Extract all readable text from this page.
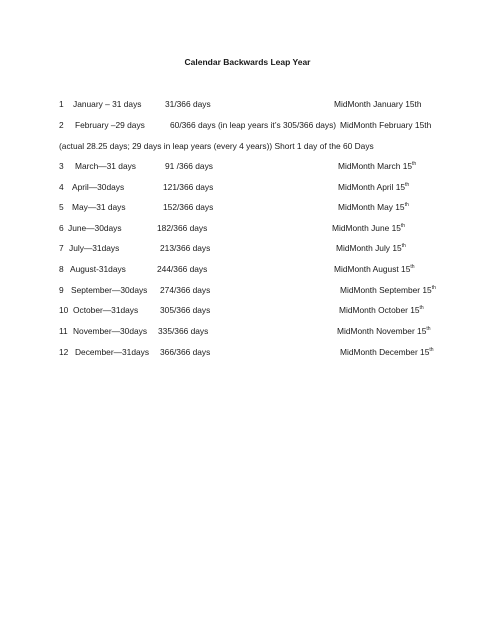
Calendar Backwards Leap Year
1 January – 31 days	31/366 days	MidMonth January 15th
2 February –29 days	60/366 days (in leap years it’s 305/366 days) MidMonth February 15th
(actual 28.25 days; 29 days in leap years (every 4 years)) Short 1 day of the 60 Days
3 March—31 days	91 /366 days	MidMonth March 15th
4 April—30days	121/366 days	MidMonth April 15th
5 May—31 days	152/366 days	MidMonth May 15th
6 June—30days	182/366 days	MidMonth June 15th
7 July—31days	213/366 days	MidMonth July 15th
8 August-31days	244/366 days	MidMonth August 15th
9 September—30days 274/366 days	MidMonth September 15th
10 October—31days	305/366 days	MidMonth October 15th
11 November—30days 335/366 days	MidMonth November 15th
12 December—31days 366/366 days	MidMonth December 15th
